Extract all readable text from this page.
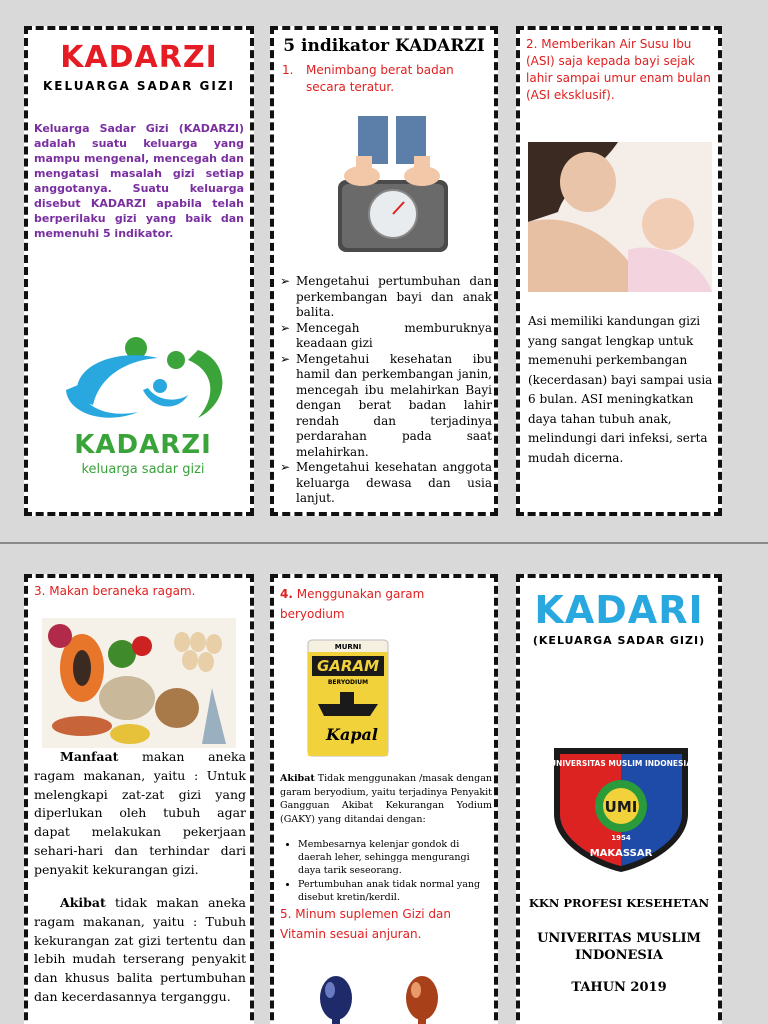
KADARZI
KELUARGA SADAR GIZI

Keluarga Sadar Gizi (KADARZI) adalah suatu keluarga yang mampu mengenal, mencegah dan mengatasi masalah gizi setiap anggotanya. Suatu keluarga disebut KADARZI apabila telah berperilaku gizi yang baik dan memenuhi 5 indikator.

KADARZI
keluarga sadar gizi
5 indikator KADARZI
1.	Menimbang berat badan secara teratur.
➢ Mengetahui pertumbuhan dan perkembangan bayi dan anak balita.
➢ Mencegah memburuknya keadaan gizi
➢ Mengetahui kesehatan ibu hamil dan perkembangan janin, mencegah ibu melahirkan Bayi dengan berat badan lahir rendah dan terjadinya perdarahan pada saat melahirkan.
➢ Mengetahui kesehatan anggota keluarga dewasa dan usia lanjut.
2. Memberikan Air Susu Ibu (ASI) saja kepada bayi sejak lahir sampai umur enam bulan (ASI eksklusif).

Asi memiliki kandungan gizi yang sangat lengkap untuk memenuhi perkembangan (kecerdasan) bayi sampai usia 6 bulan. ASI meningkatkan daya tahan tubuh anak, melindungi dari infeksi, serta mudah dicerna.

3. Makan beraneka ragam.

Manfaat makan aneka ragam makanan, yaitu : Untuk melengkapi zat-zat gizi yang diperlukan oleh tubuh agar dapat melakukan pekerjaan sehari-hari dan terhindar dari penyakit kekurangan gizi.

Akibat tidak makan aneka ragam makanan, yaitu : Tubuh kekurangan zat gizi tertentu dan lebih mudah terserang penyakit dan khusus balita pertumbuhan dan kecerdasannya terganggu.

4. Menggunakan garam beryodium
MURNI
GARAM
BERYODIUM
Kapal

Akibat Tidak menggunakan /masak dengan garam beryodium, yaitu terjadinya Penyakit Gangguan Akibat Kekurangan Yodium (GAKY) yang ditandai dengan:

• Membesarnya kelenjar gondok di daerah leher, sehingga mengurangi daya tarik seseorang.
• Pertumbuhan anak tidak normal yang disebut kretin/kerdil.
5. Minum suplemen Gizi dan Vitamin sesuai anjuran.
KADARI
(KELUARGA SADAR GIZI)
UNIVERSITAS MUSLIM INDONESIA
UMI
1954
MAKASSAR
KKN PROFESI KESEHETAN
UNIVERITAS MUSLIM INDONESIA
TAHUN 2019
